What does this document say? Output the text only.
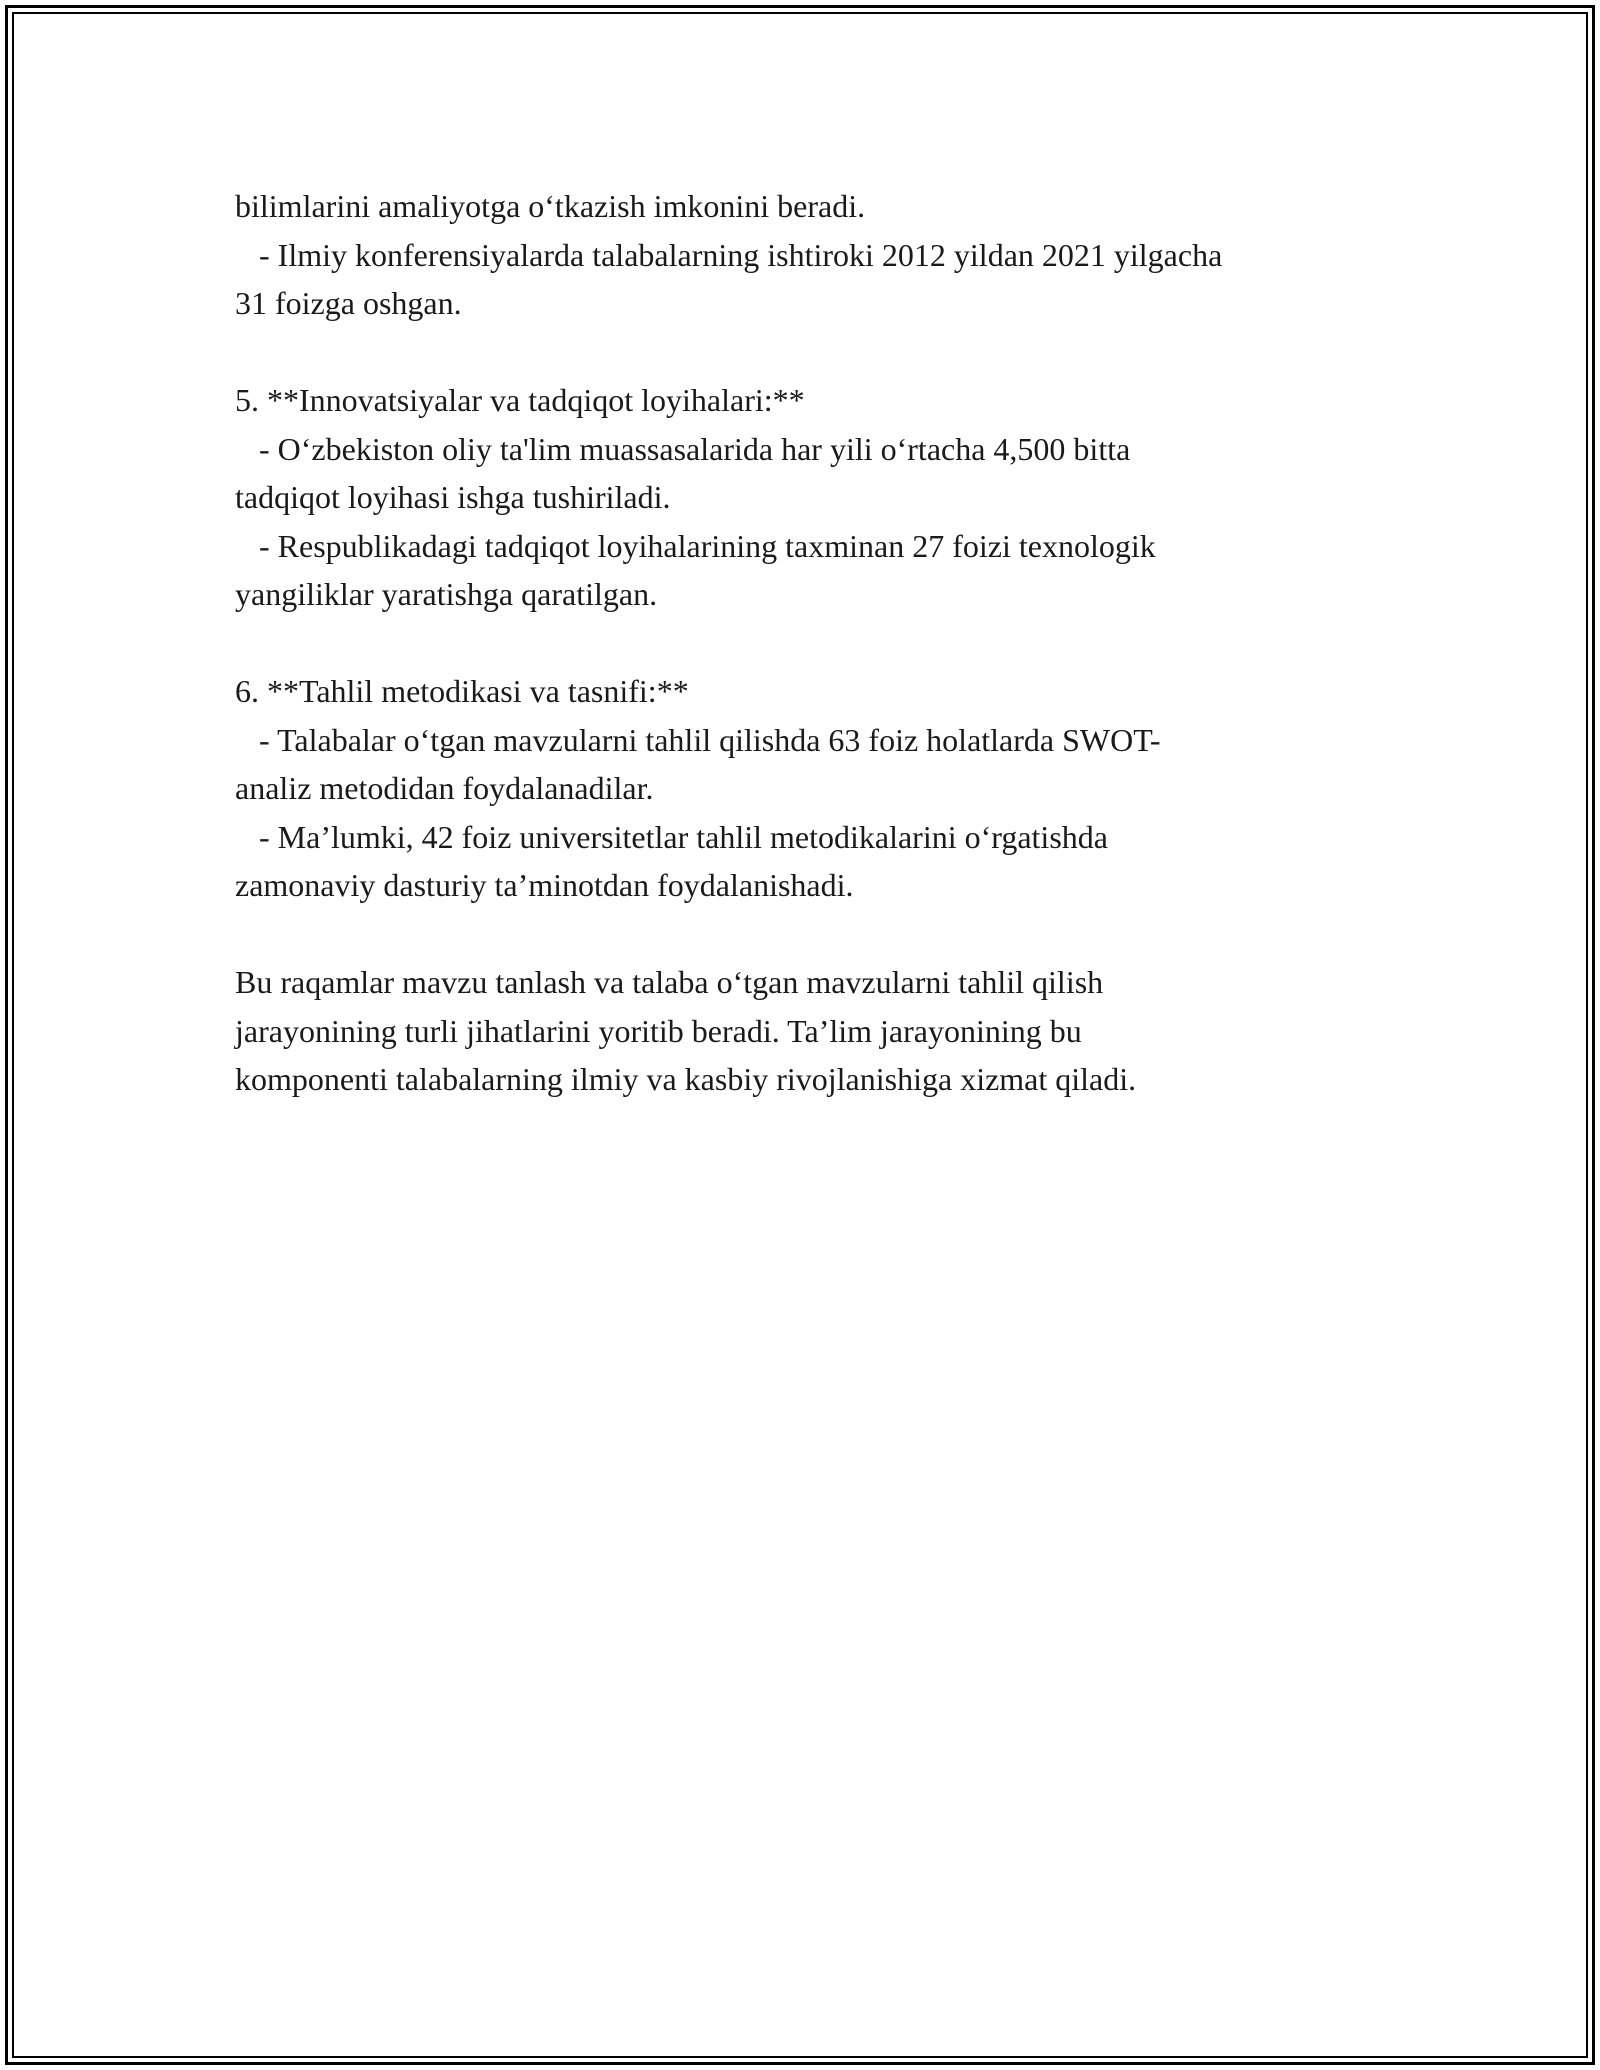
bilimlarini amaliyotga o‘tkazish imkonini beradi.
- Ilmiy konferensiyalarda talabalarning ishtiroki 2012 yildan 2021 yilgacha
31 foizga oshgan.
5. **Innovatsiyalar va tadqiqot loyihalari:**
- O‘zbekiston oliy ta'lim muassasalarida har yili o‘rtacha 4,500 bitta
tadqiqot loyihasi ishga tushiriladi.
- Respublikadagi tadqiqot loyihalarining taxminan 27 foizi texnologik
yangiliklar yaratishga qaratilgan.
6. **Tahlil metodikasi va tasnifi:**
- Talabalar o‘tgan mavzularni tahlil qilishda 63 foiz holatlarda SWOT-
analiz metodidan foydalanadilar.
- Ma’lumki, 42 foiz universitetlar tahlil metodikalarini o‘rgatishda
zamonaviy dasturiy ta’minotdan foydalanishadi.
Bu raqamlar mavzu tanlash va talaba o‘tgan mavzularni tahlil qilish
jarayonining turli jihatlarini yoritib beradi. Ta’lim jarayonining bu
komponenti talabalarning ilmiy va kasbiy rivojlanishiga xizmat qiladi.
